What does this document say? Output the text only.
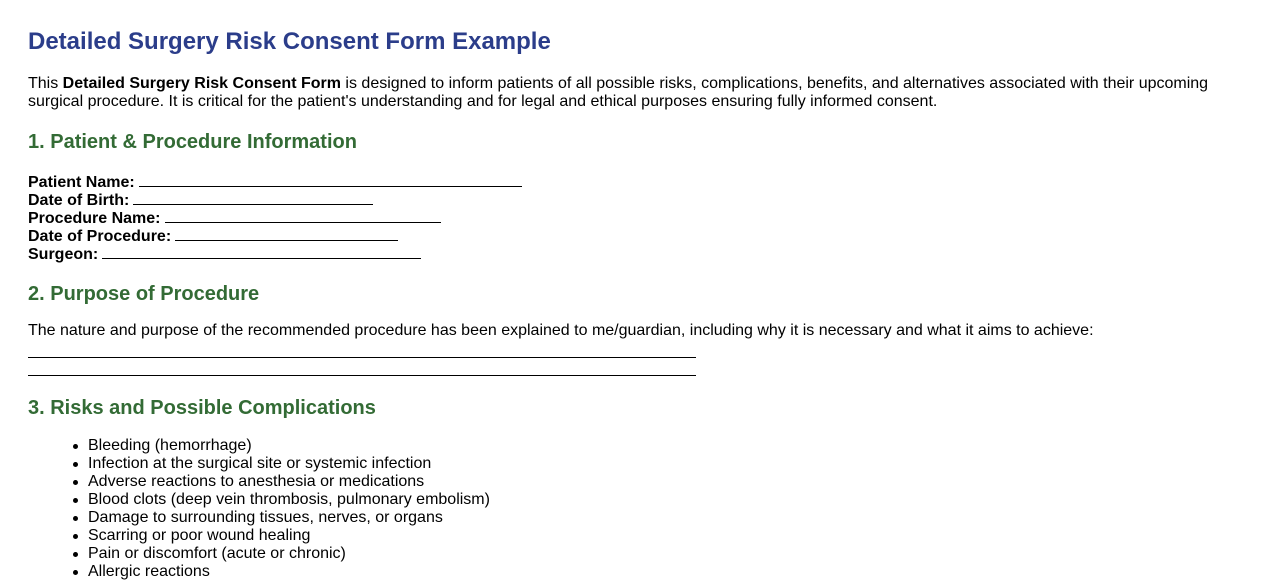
Detailed Surgery Risk Consent Form Example

This Detailed Surgery Risk Consent Form is designed to inform patients of all possible risks, complications, benefits, and alternatives associated with their upcoming surgical procedure. It is critical for the patient's understanding and for legal and ethical purposes ensuring fully informed consent.

1. Patient & Procedure Information
Patient Name:
Date of Birth:
Procedure Name:
Date of Procedure:
Surgeon:
2. Purpose of Procedure

The nature and purpose of the recommended procedure has been explained to me/guardian, including why it is necessary and what it aims to achieve:

3. Risks and Possible Complications
Bleeding (hemorrhage)
Infection at the surgical site or systemic infection
Adverse reactions to anesthesia or medications
Blood clots (deep vein thrombosis, pulmonary embolism)
Damage to surrounding tissues, nerves, or organs
Scarring or poor wound healing
Pain or discomfort (acute or chronic)
Allergic reactions
